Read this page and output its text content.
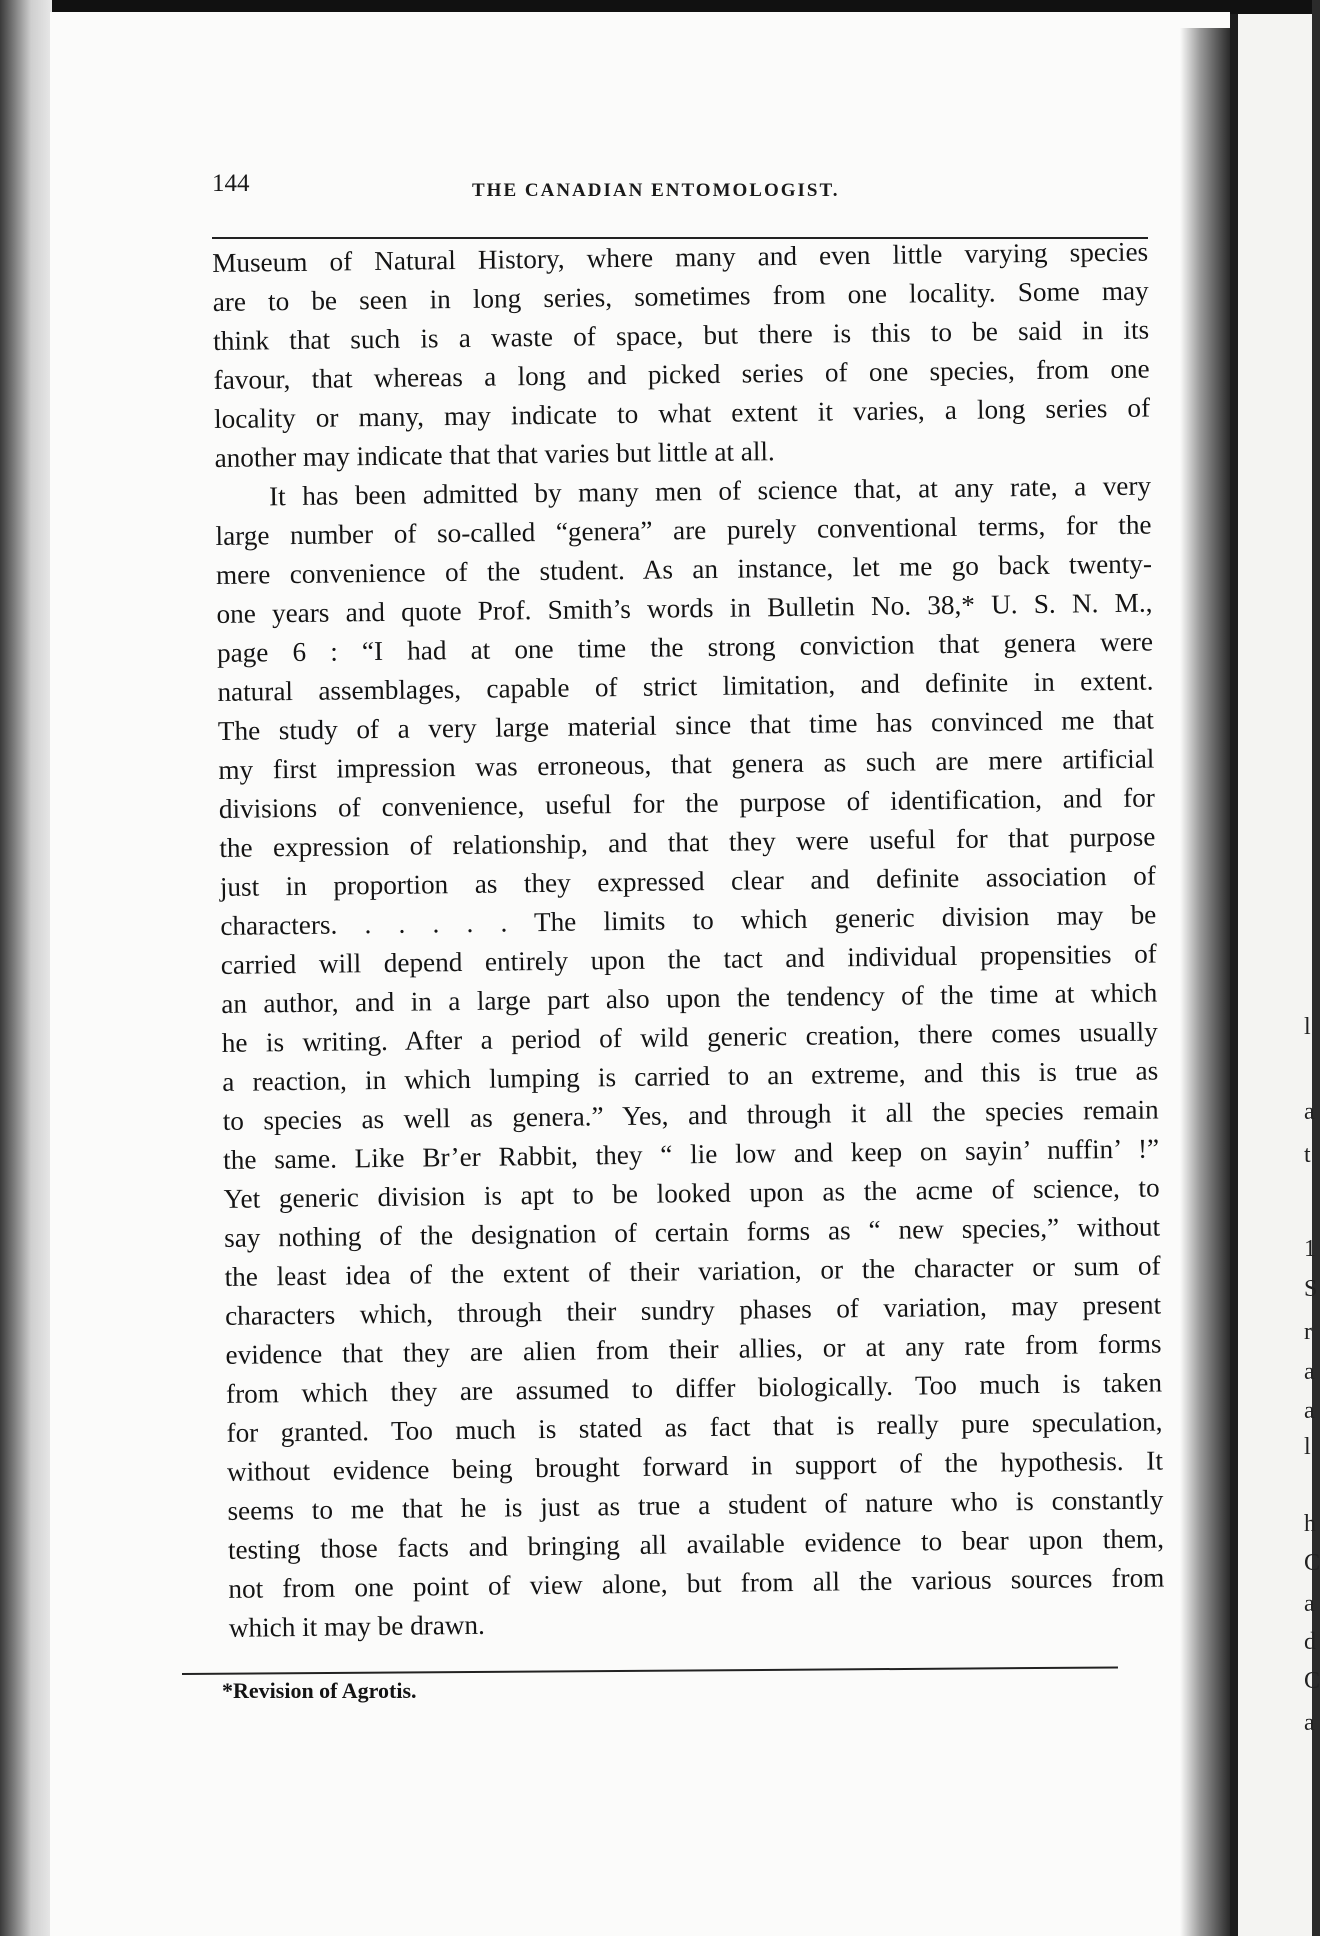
l
a
t
1
S
r
a
a
l
h
C
a
d
C
a
144	THE CANADIAN ENTOMOLOGIST.
Museum of Natural History, where many and even little varying species
are to be seen in long series, sometimes from one locality. Some may
think that such is a waste of space, but there is this to be said in its
favour, that whereas a long and picked series of one species, from one
locality or many, may indicate to what extent it varies, a long series of
another may indicate that that varies but little at all.
It has been admitted by many men of science that, at any rate, a very
large number of so-called “genera” are purely conventional terms, for the
mere convenience of the student. As an instance, let me go back twenty-
one years and quote Prof. Smith’s words in Bulletin No. 38,* U. S. N. M.,
page 6 : “I had at one time the strong conviction that genera were
natural assemblages, capable of strict limitation, and definite in extent.
The study of a very large material since that time has convinced me that
my first impression was erroneous, that genera as such are mere artificial
divisions of convenience, useful for the purpose of identification, and for
the expression of relationship, and that they were useful for that purpose
just in proportion as they expressed clear and definite association of
characters. . . . . . The limits to which generic division may be
carried will depend entirely upon the tact and individual propensities of
an author, and in a large part also upon the tendency of the time at which
he is writing. After a period of wild generic creation, there comes usually
a reaction, in which lumping is carried to an extreme, and this is true as
to species as well as genera.” Yes, and through it all the species remain
the same. Like Br’er Rabbit, they “ lie low and keep on sayin’ nuffin’ !”
Yet generic division is apt to be looked upon as the acme of science, to
say nothing of the designation of certain forms as “ new species,” without
the least idea of the extent of their variation, or the character or sum of
characters which, through their sundry phases of variation, may present
evidence that they are alien from their allies, or at any rate from forms
from which they are assumed to differ biologically. Too much is taken
for granted. Too much is stated as fact that is really pure speculation,
without evidence being brought forward in support of the hypothesis. It
seems to me that he is just as true a student of nature who is constantly
testing those facts and bringing all available evidence to bear upon them,
not from one point of view alone, but from all the various sources from
which it may be drawn.
*Revision of Agrotis.
